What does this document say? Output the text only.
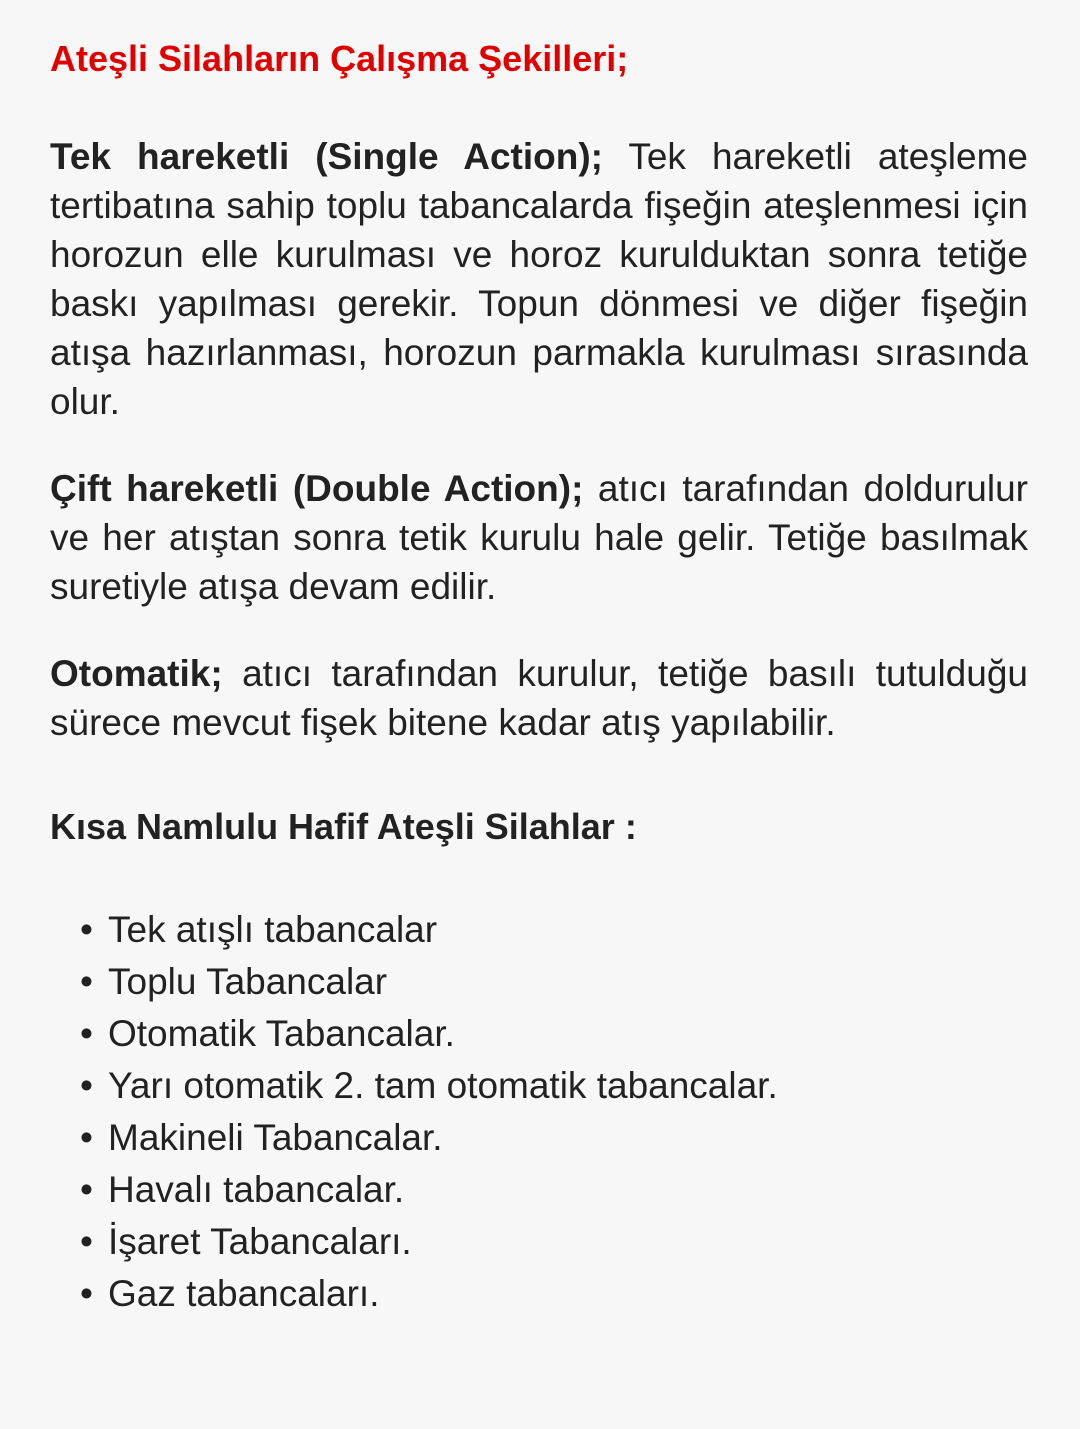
Ateşli Silahların Çalışma Şekilleri;

Tek hareketli (Single Action); Tek hareketli ateşleme tertibatına sahip toplu tabancalarda fişeğin ateşlenmesi için horozun elle kurulması ve horoz kurulduktan sonra tetiğe baskı yapılması gerekir. Topun dönmesi ve diğer fişeğin atışa hazırlanması, horozun parmakla kurulması sırasında olur.

Çift hareketli (Double Action); atıcı tarafından doldurulur ve her atıştan sonra tetik kurulu hale gelir. Tetiğe basılmak suretiyle atışa devam edilir.

Otomatik; atıcı tarafından kurulur, tetiğe basılı tutulduğu sürece mevcut fişek bitene kadar atış yapılabilir.

Kısa Namlulu Hafif Ateşli Silahlar :
• Tek atışlı tabancalar
• Toplu Tabancalar
• Otomatik Tabancalar.
• Yarı otomatik 2. tam otomatik tabancalar.
• Makineli Tabancalar.
• Havalı tabancalar.
• İşaret Tabancaları.
• Gaz tabancaları.
